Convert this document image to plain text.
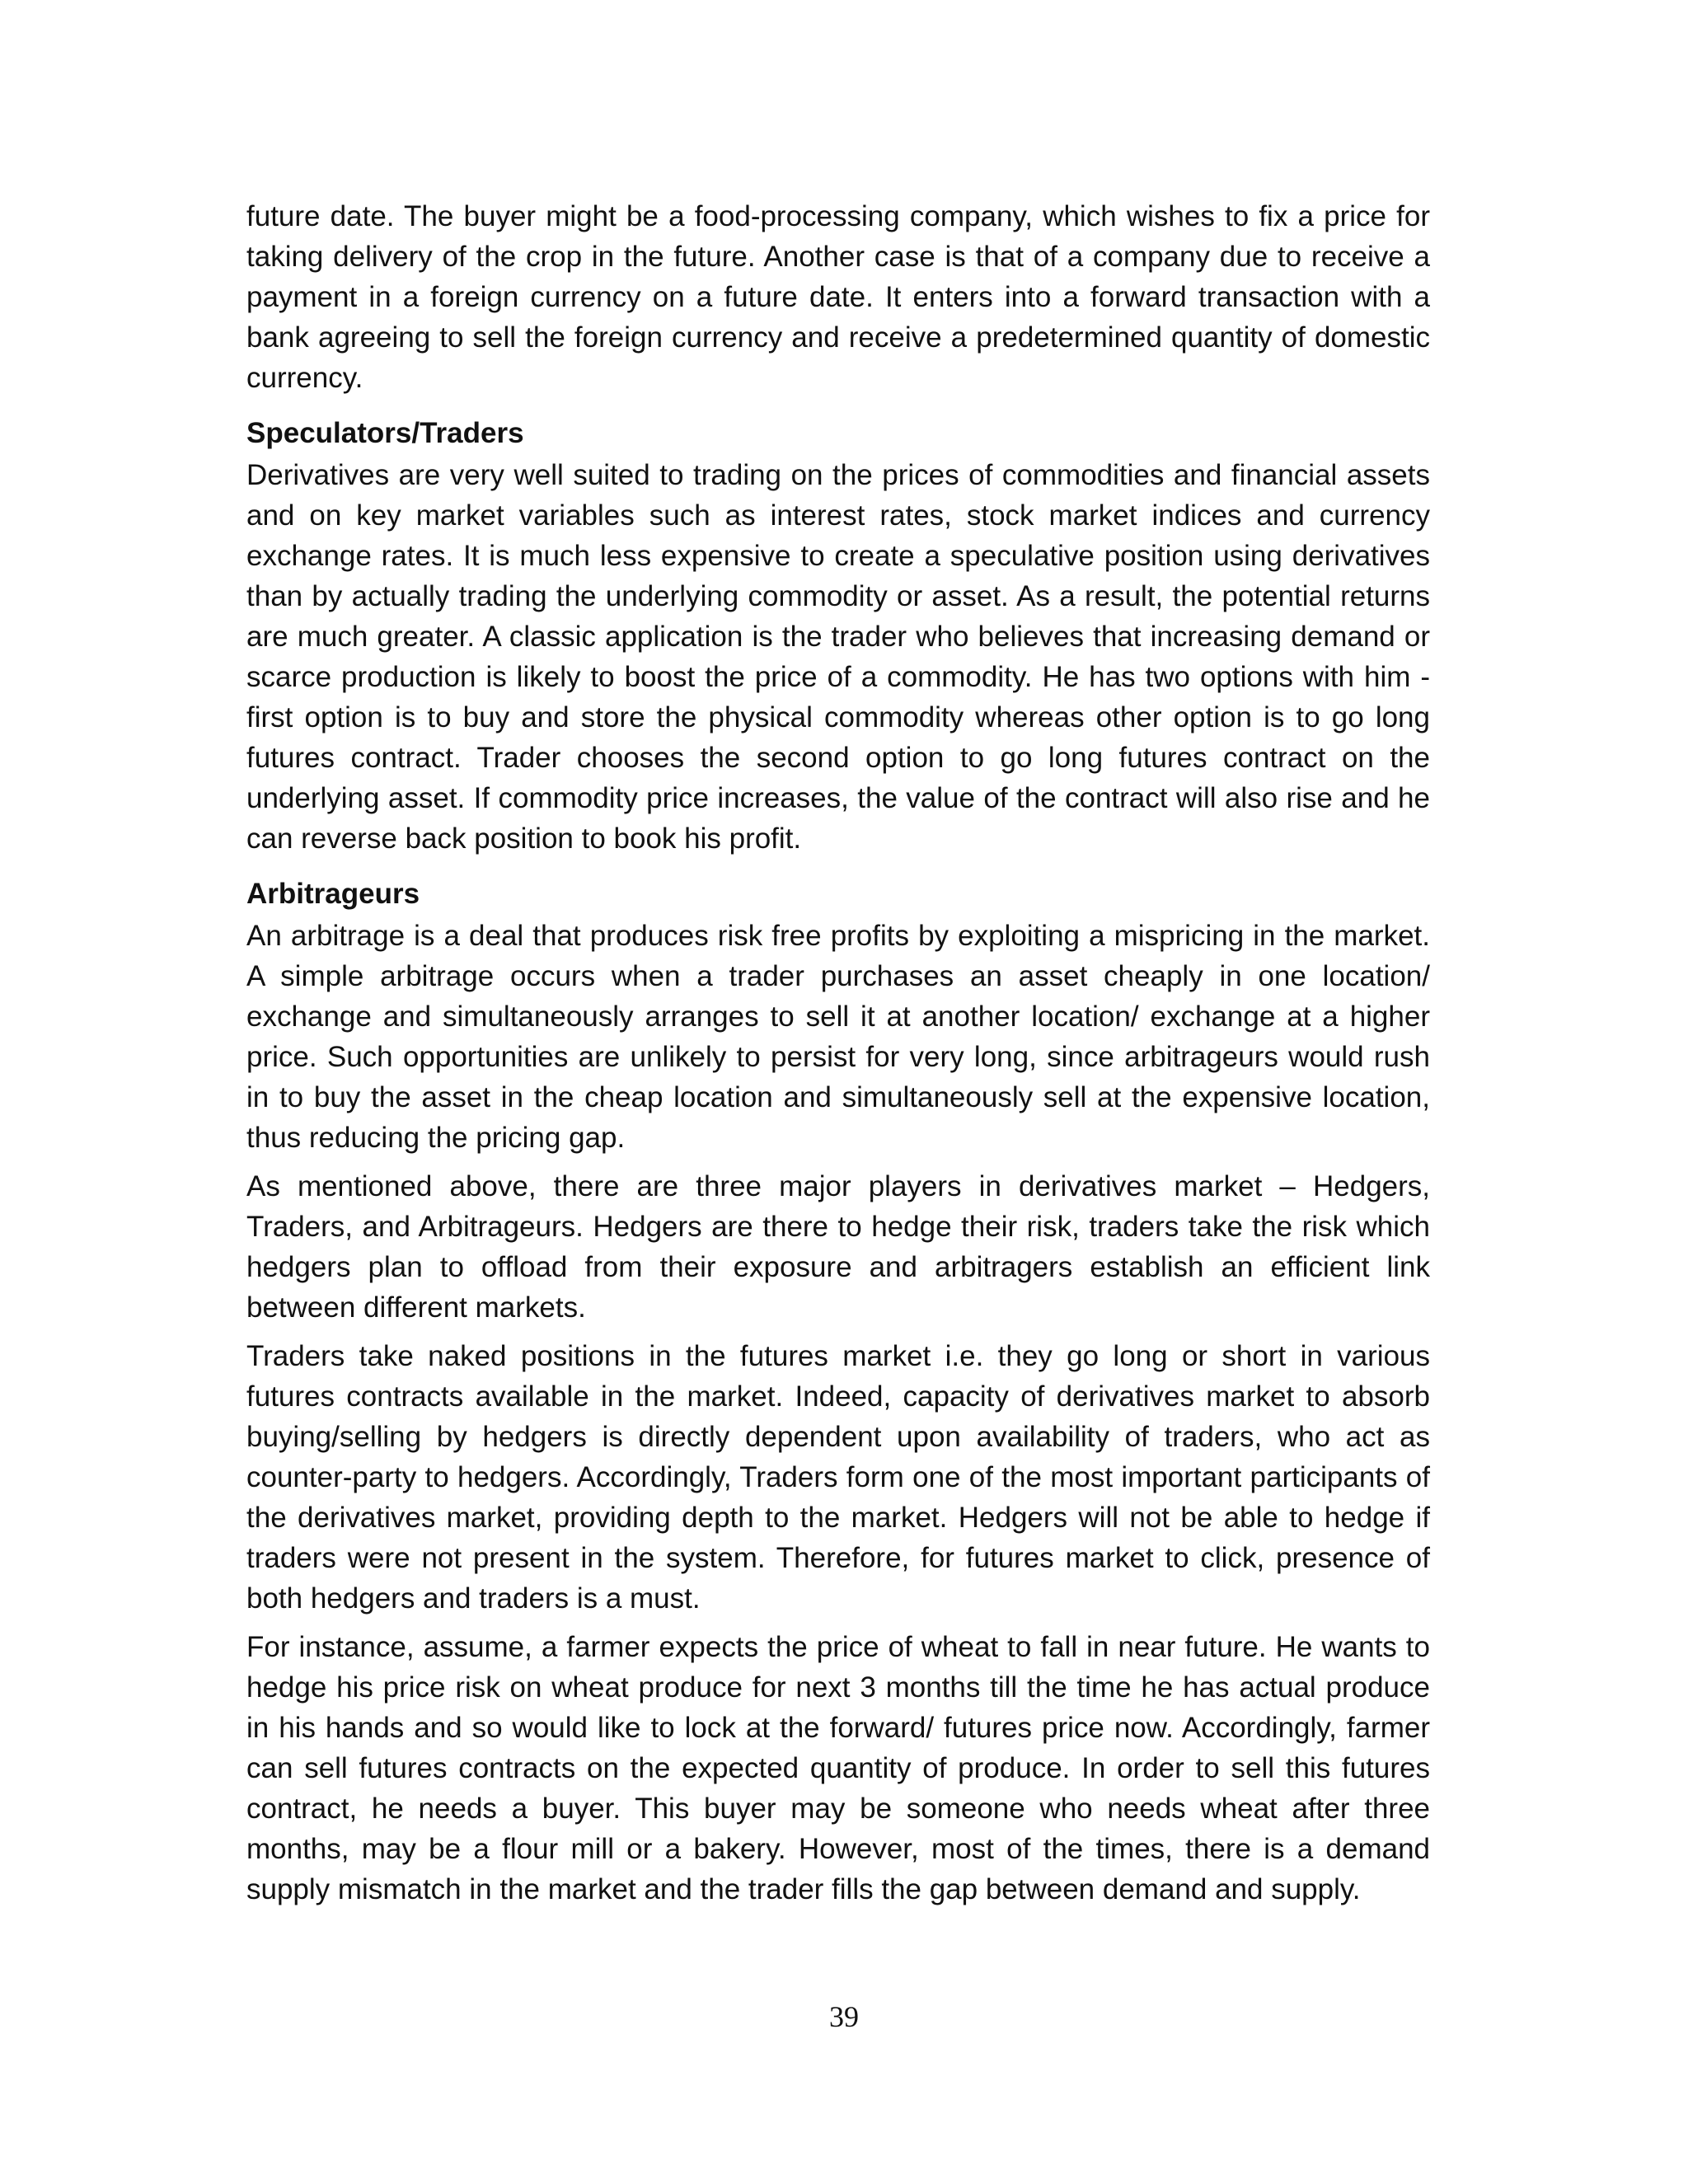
future date. The buyer might be a food-processing company, which wishes to fix a price for taking delivery of the crop in the future. Another case is that of a company due to receive a payment in a foreign currency on a future date. It enters into a forward transaction with a bank agreeing to sell the foreign currency and receive a predetermined quantity of domestic currency.

Speculators/Traders

Derivatives are very well suited to trading on the prices of commodities and financial assets and on key market variables such as interest rates, stock market indices and currency exchange rates. It is much less expensive to create a speculative position using derivatives than by actually trading the underlying commodity or asset. As a result, the potential returns are much greater. A classic application is the trader who believes that increasing demand or scarce production is likely to boost the price of a commodity. He has two options with him - first option is to buy and store the physical commodity whereas other option is to go long futures contract. Trader chooses the second option to go long futures contract on the underlying asset. If commodity price increases, the value of the contract will also rise and he can reverse back position to book his profit.

Arbitrageurs

An arbitrage is a deal that produces risk free profits by exploiting a mispricing in the market. A simple arbitrage occurs when a trader purchases an asset cheaply in one location/ exchange and simultaneously arranges to sell it at another location/ exchange at a higher price. Such opportunities are unlikely to persist for very long, since arbitrageurs would rush in to buy the asset in the cheap location and simultaneously sell at the expensive location, thus reducing the pricing gap.

As mentioned above, there are three major players in derivatives market – Hedgers, Traders, and Arbitrageurs. Hedgers are there to hedge their risk, traders take the risk which hedgers plan to offload from their exposure and arbitragers establish an efficient link between different markets.

Traders take naked positions in the futures market i.e. they go long or short in various futures contracts available in the market. Indeed, capacity of derivatives market to absorb buying/selling by hedgers is directly dependent upon availability of traders, who act as counter-party to hedgers. Accordingly, Traders form one of the most important participants of the derivatives market, providing depth to the market. Hedgers will not be able to hedge if traders were not present in the system. Therefore, for futures market to click, presence of both hedgers and traders is a must.

For instance, assume, a farmer expects the price of wheat to fall in near future. He wants to hedge his price risk on wheat produce for next 3 months till the time he has actual produce in his hands and so would like to lock at the forward/ futures price now. Accordingly, farmer can sell futures contracts on the expected quantity of produce. In order to sell this futures contract, he needs a buyer. This buyer may be someone who needs wheat after three months, may be a flour mill or a bakery. However, most of the times, there is a demand supply mismatch in the market and the trader fills the gap between demand and supply.

39
